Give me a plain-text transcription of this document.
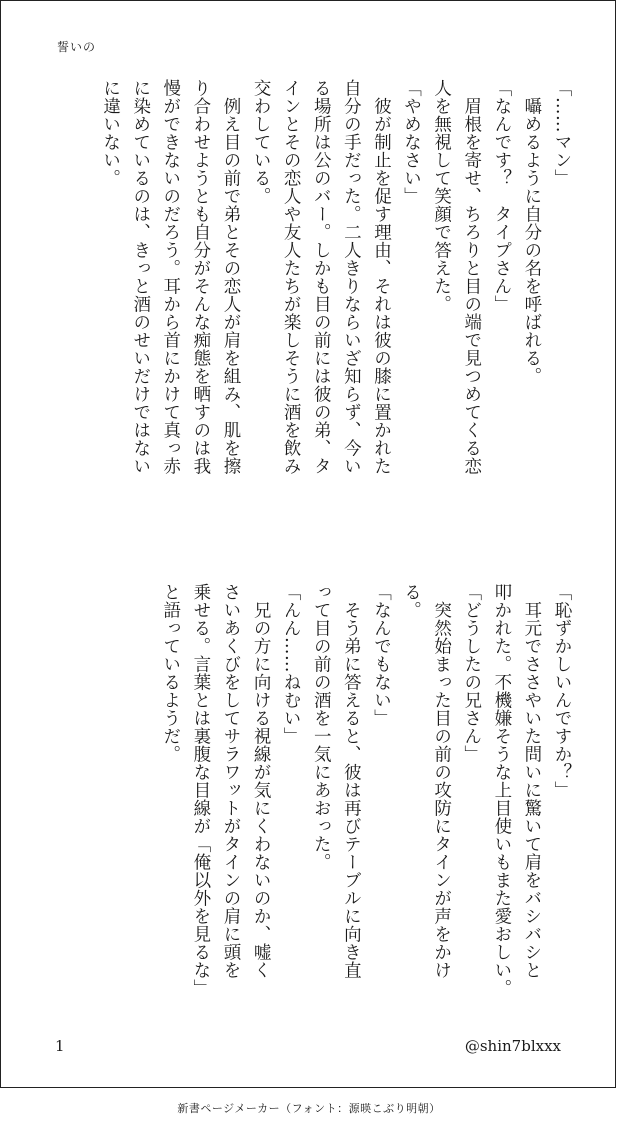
誓いの
「……マン」
　囁めるように自分の名を呼ばれる。
「なんです？　タイプさん」
　眉根を寄せ、ちろりと目の端で見つめてくる恋
人を無視して笑顔で答えた。
「やめなさい」
　彼が制止を促す理由、それは彼の膝に置かれた
自分の手だった。二人きりならいざ知らず、今い
る場所は公のバー。しかも目の前には彼の弟、タ
インとその恋人や友人たちが楽しそうに酒を飲み
交わしている。
　例え目の前で弟とその恋人が肩を組み、肌を擦
り合わせようとも自分がそんな痴態を晒すのは我
慢ができないのだろう。耳から首にかけて真っ赤
に染めているのは、きっと酒のせいだけではない
に違いない。
「恥ずかしいんですか？」
　耳元でささやいた問いに驚いて肩をバシバシと
叩かれた。不機嫌そうな上目使いもまた愛おしい。
「どうしたの兄さん」
　突然始まった目の前の攻防にタインが声をかけ
る。
「なんでもない」
　そう弟に答えると、彼は再びテーブルに向き直
って目の前の酒を一気にあおった。
「んん……ねむい」
　兄の方に向ける視線が気にくわないのか、嘘く
さいあくびをしてサラワットがタインの肩に頭を
乗せる。言葉とは裏腹な目線が「俺以外を見るな」
と語っているようだ。
1	@shin7blxxx
新書ページメーカー（フォント：源暎こぶり明朝）
